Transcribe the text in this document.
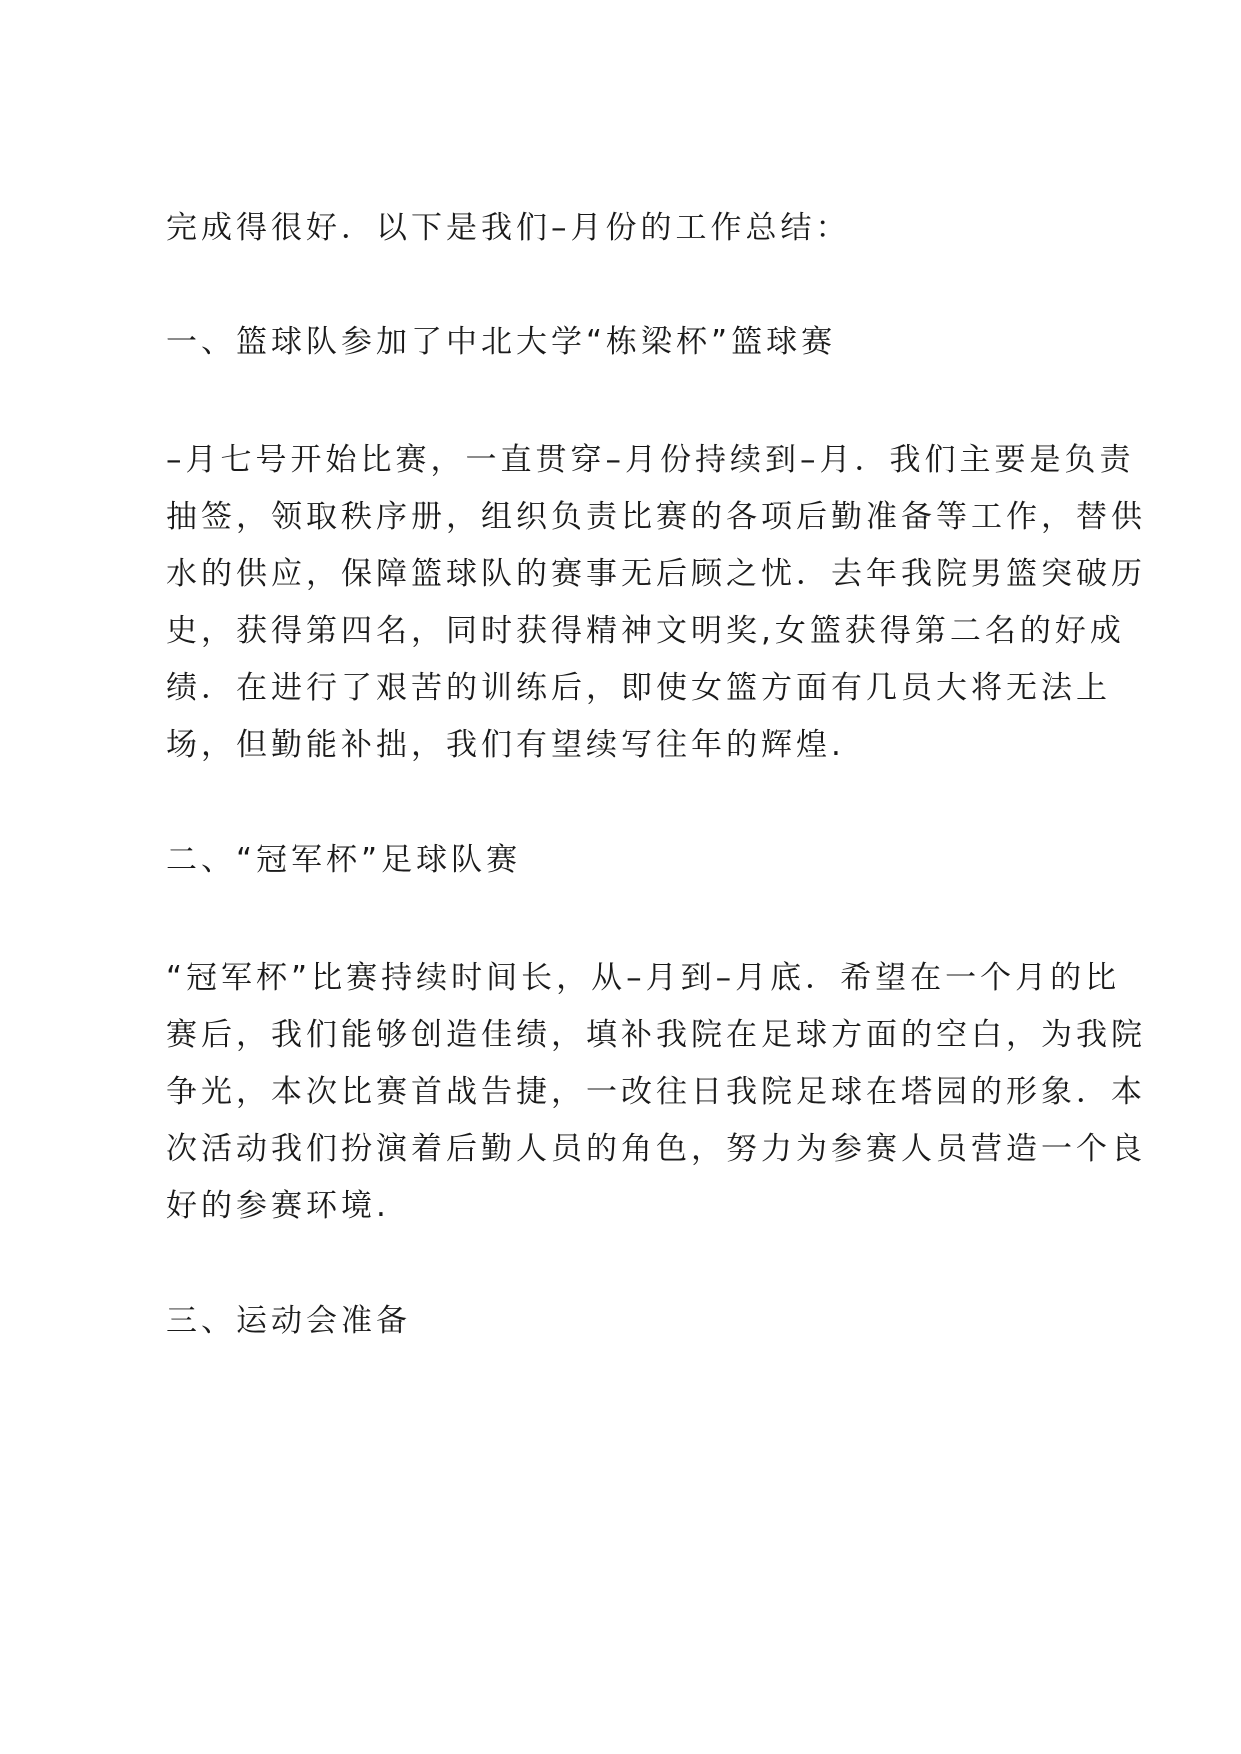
完成得很好．以下是我们–月份的工作总结：

一、篮球队参加了中北大学“栋梁杯”篮球赛

–月七号开始比赛，一直贯穿–月份持续到–月．我们主要是负责

抽签，领取秩序册，组织负责比赛的各项后勤准备等工作，替供

水的供应，保障篮球队的赛事无后顾之忧．去年我院男篮突破历

史，获得第四名，同时获得精神文明奖,女篮获得第二名的好成

绩．在进行了艰苦的训练后，即使女篮方面有几员大将无法上

场，但勤能补拙，我们有望续写往年的辉煌.

二、“冠军杯”足球队赛

“冠军杯”比赛持续时间长，从–月到–月底．希望在一个月的比

赛后，我们能够创造佳绩，填补我院在足球方面的空白，为我院

争光，本次比赛首战告捷，一改往日我院足球在塔园的形象．本

次活动我们扮演着后勤人员的角色，努力为参赛人员营造一个良

好的参赛环境.

三、运动会准备
